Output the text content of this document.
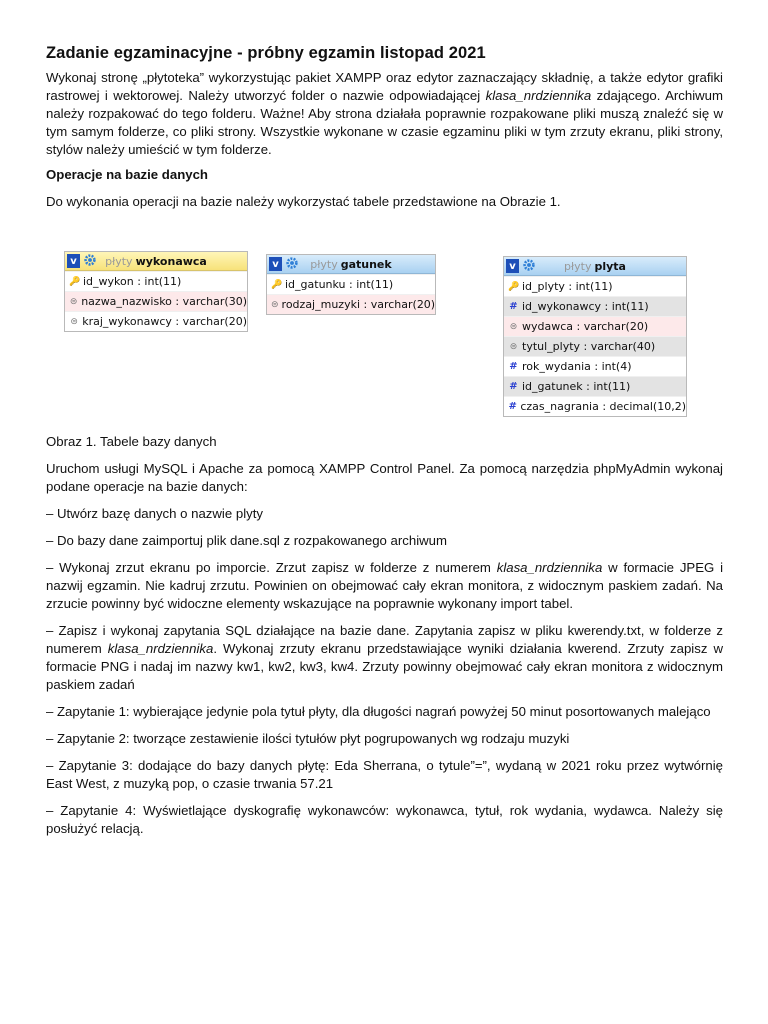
Zadanie egzaminacyjne - próbny egzamin listopad 2021

Wykonaj stronę „płytoteka” wykorzystując pakiet XAMPP oraz edytor zaznaczający składnię, a także edytor grafiki rastrowej i wektorowej. Należy utworzyć folder o nazwie odpowiadającej klasa_nrdziennika zdającego. Archiwum należy rozpakować do tego folderu. Ważne! Aby strona działała poprawnie rozpakowane pliki muszą znaleźć się w tym samym folderze, co pliki strony. Wszystkie wykonane w czasie egzaminu pliki w tym zrzuty ekranu, pliki strony, stylów należy umieścić w tym folderze.

Operacje na bazie danych

Do wykonania operacji na bazie należy wykorzystać tabele przedstawione na Obrazie 1.

v	płyty wykonawca
🔑 id_wykon : int(11)
⊜ nazwa_nazwisko : varchar(30)
⊜ kraj_wykonawcy : varchar(20)
v	płyty gatunek
🔑 id_gatunku : int(11)
⊜ rodzaj_muzyki : varchar(20)
v	płyty plyta
🔑 id_plyty : int(11)
# id_wykonawcy : int(11)
⊜ wydawca : varchar(20)
⊜ tytul_plyty : varchar(40)
# rok_wydania : int(4)
# id_gatunek : int(11)
# czas_nagrania : decimal(10,2)

Obraz 1. Tabele bazy danych

Uruchom usługi MySQL i Apache za pomocą XAMPP Control Panel. Za pomocą narzędzia phpMyAdmin wykonaj podane operacje na bazie danych:

– Utwórz bazę danych o nazwie plyty

– Do bazy dane zaimportuj plik dane.sql z rozpakowanego archiwum

– Wykonaj zrzut ekranu po imporcie. Zrzut zapisz w folderze z numerem klasa_nrdziennika w formacie JPEG i nazwij egzamin. Nie kadruj zrzutu. Powinien on obejmować cały ekran monitora, z widocznym paskiem zadań. Na zrzucie powinny być widoczne elementy wskazujące na poprawnie wykonany import tabel.

– Zapisz i wykonaj zapytania SQL działające na bazie dane. Zapytania zapisz w pliku kwerendy.txt, w folderze z numerem klasa_nrdziennika. Wykonaj zrzuty ekranu przedstawiające wyniki działania kwerend. Zrzuty zapisz w formacie PNG i nadaj im nazwy kw1, kw2, kw3, kw4. Zrzuty powinny obejmować cały ekran monitora z widocznym paskiem zadań

– Zapytanie 1: wybierające jedynie pola tytuł płyty, dla długości nagrań powyżej 50 minut posortowanych malejąco

– Zapytanie 2: tworzące zestawienie ilości tytułów płyt pogrupowanych wg rodzaju muzyki

– Zapytanie 3: dodające do bazy danych płytę: Eda Sherrana, o tytule”=”, wydaną w 2021 roku przez wytwórnię East West, z muzyką pop, o czasie trwania 57.21

– Zapytanie 4: Wyświetlające dyskografię wykonawców: wykonawca, tytuł, rok wydania, wydawca. Należy się posłużyć relacją.
